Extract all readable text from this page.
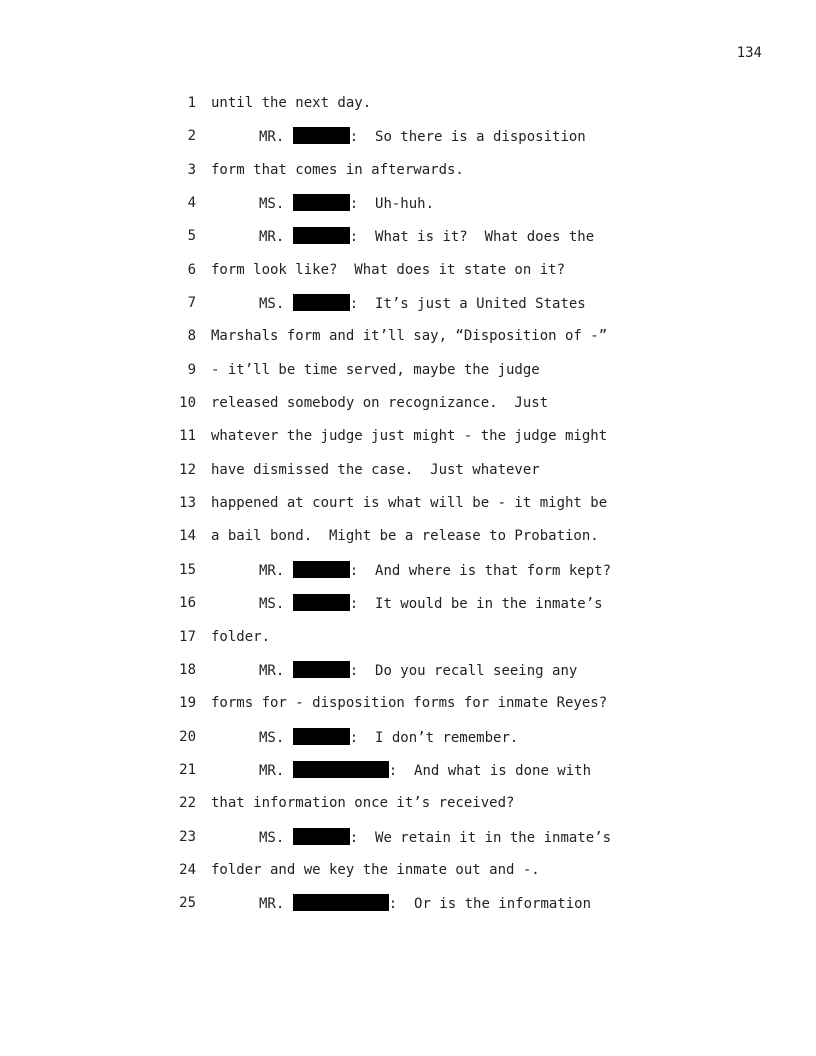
134
1 until the next day.
2	MR.	:  So there is a disposition
3 form that comes in afterwards.
4	MS.	:  Uh-huh.
5	MR.	:  What is it?  What does the
6 form look like?  What does it state on it?
7	MS.	:  It’s just a United States
8 Marshals form and it’ll say, “Disposition of -”
9 - it’ll be time served, maybe the judge
10 released somebody on recognizance.  Just
11 whatever the judge just might - the judge might
12 have dismissed the case.  Just whatever
13 happened at court is what will be - it might be
14 a bail bond.  Might be a release to Probation.
15	MR.	:  And where is that form kept?
16	MS.	:  It would be in the inmate’s
17 folder.
18	MR.	:  Do you recall seeing any
19 forms for - disposition forms for inmate Reyes?
20	MS.	:  I don’t remember.
21	MR.	:  And what is done with
22 that information once it’s received?
23	MS.	:  We retain it in the inmate’s
24 folder and we key the inmate out and -.
25	MR.	:  Or is the information
